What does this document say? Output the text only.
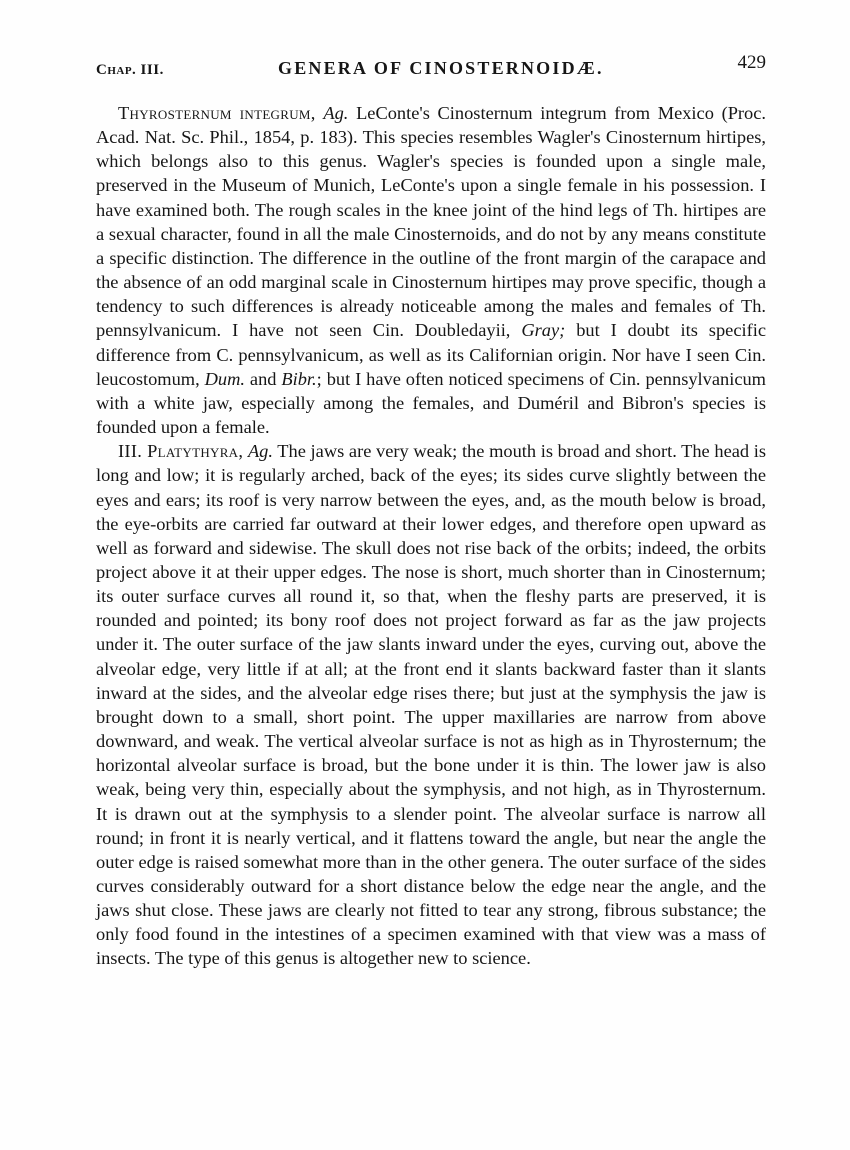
Chap. III.	GENERA OF CINOSTERNOIDÆ.	429

Thyrosternum integrum, Ag. LeConte's Cinosternum integrum from Mexico (Proc. Acad. Nat. Sc. Phil., 1854, p. 183). This species resembles Wagler's Cinosternum hirtipes, which belongs also to this genus. Wagler's species is founded upon a single male, preserved in the Museum of Munich, LeConte's upon a single female in his possession. I have examined both. The rough scales in the knee joint of the hind legs of Th. hirtipes are a sexual character, found in all the male Cinosternoids, and do not by any means constitute a specific distinction. The difference in the outline of the front margin of the carapace and the absence of an odd marginal scale in Cinosternum hirtipes may prove specific, though a tendency to such differences is already noticeable among the males and females of Th. pennsylvanicum. I have not seen Cin. Doubledayii, Gray; but I doubt its specific difference from C. pennsylvanicum, as well as its Californian origin. Nor have I seen Cin. leucostomum, Dum. and Bibr.; but I have often noticed specimens of Cin. pennsylvanicum with a white jaw, especially among the females, and Duméril and Bibron's species is founded upon a female.

III. Platythyra, Ag. The jaws are very weak; the mouth is broad and short. The head is long and low; it is regularly arched, back of the eyes; its sides curve slightly between the eyes and ears; its roof is very narrow between the eyes, and, as the mouth below is broad, the eye-orbits are carried far outward at their lower edges, and therefore open upward as well as forward and sidewise. The skull does not rise back of the orbits; indeed, the orbits project above it at their upper edges. The nose is short, much shorter than in Cinosternum; its outer surface curves all round it, so that, when the fleshy parts are preserved, it is rounded and pointed; its bony roof does not project forward as far as the jaw projects under it. The outer surface of the jaw slants inward under the eyes, curving out, above the alveolar edge, very little if at all; at the front end it slants backward faster than it slants inward at the sides, and the alveolar edge rises there; but just at the symphysis the jaw is brought down to a small, short point. The upper maxillaries are narrow from above downward, and weak. The vertical alveolar surface is not as high as in Thyrosternum; the horizontal alveolar surface is broad, but the bone under it is thin. The lower jaw is also weak, being very thin, especially about the symphysis, and not high, as in Thyrosternum. It is drawn out at the symphysis to a slender point. The alveolar surface is narrow all round; in front it is nearly vertical, and it flattens toward the angle, but near the angle the outer edge is raised somewhat more than in the other genera. The outer surface of the sides curves considerably outward for a short distance below the edge near the angle, and the jaws shut close. These jaws are clearly not fitted to tear any strong, fibrous substance; the only food found in the intestines of a specimen examined with that view was a mass of insects. The type of this genus is altogether new to science.
